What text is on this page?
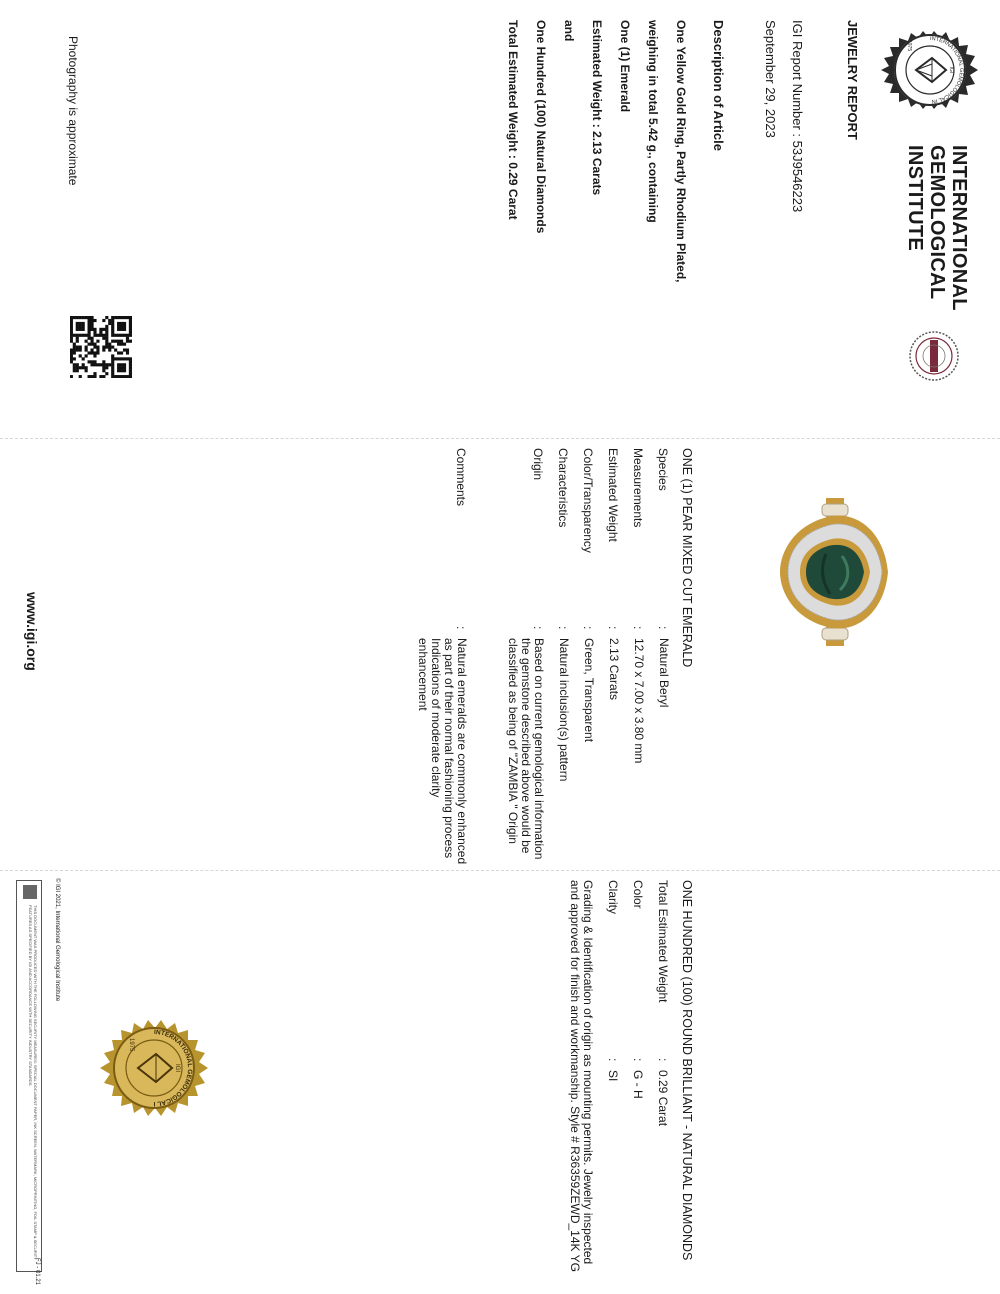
IGI
1975
INTERNATIONAL GEMOLOGICAL IN
INTERNATIONAL
GEMOLOGICAL
INSTITUTE
JEWELRY REPORT
IGI Report Number : 53J9546223
September 29, 2023
Description of Article
One Yellow Gold Ring, Partly Rhodium Plated,
weighing in total 5.42 g., containing
One (1) Emerald
Estimated Weight : 2.13 Carats
and
One Hundred (100) Natural Diamonds
Total Estimated Weight : 0.29 Carat
Photography is approximate
ONE (1) PEAR MIXED CUT EMERALD
Species
:
Natural Beryl
Measurements
:
12.70 x 7.00 x 3.80 mm
Estimated Weight
:
2.13 Carats
Color/Transparency
:
Green, Transparent
Characteristics
:
Natural inclusion(s) pattern
Origin
:
Based on current gemological information the gemstone described above would be classified as being of "ZAMBIA " Origin
Comments
:
Natural emeralds are commonly enhanced as part of their normal fashioning process Indications of moderate clarity enhancement
www.igi.org
ONE HUNDRED (100) ROUND BRILLIANT - NATURAL DIAMONDS
Total Estimated Weight
:
0.29 Carat
Color
:
G - H
Clarity
:
SI
Grading & Identification of origin as mounting permits. Jewelry inspected and approved for finish and workmanship. Style # R36359ZEWD_14K YG
INTERNATIONAL GEMOLOGICAL I
1975
IGI
© IGI 2021, International Gemological Institute
THIS DOCUMENT WAS PRODUCED WITH THE FOLLOWING SECURITY MEASURES: SPECIAL DOCUMENT PAPER, INK SCREEN, WATERMARK, MICROPRINTING, FOIL STAMP & SECURITY FEATURES AS SPECIFIED BY IGI AND ACCORDANCE WITH SECURITY INDUSTRY STANDARDS.
FJ - 01.21
